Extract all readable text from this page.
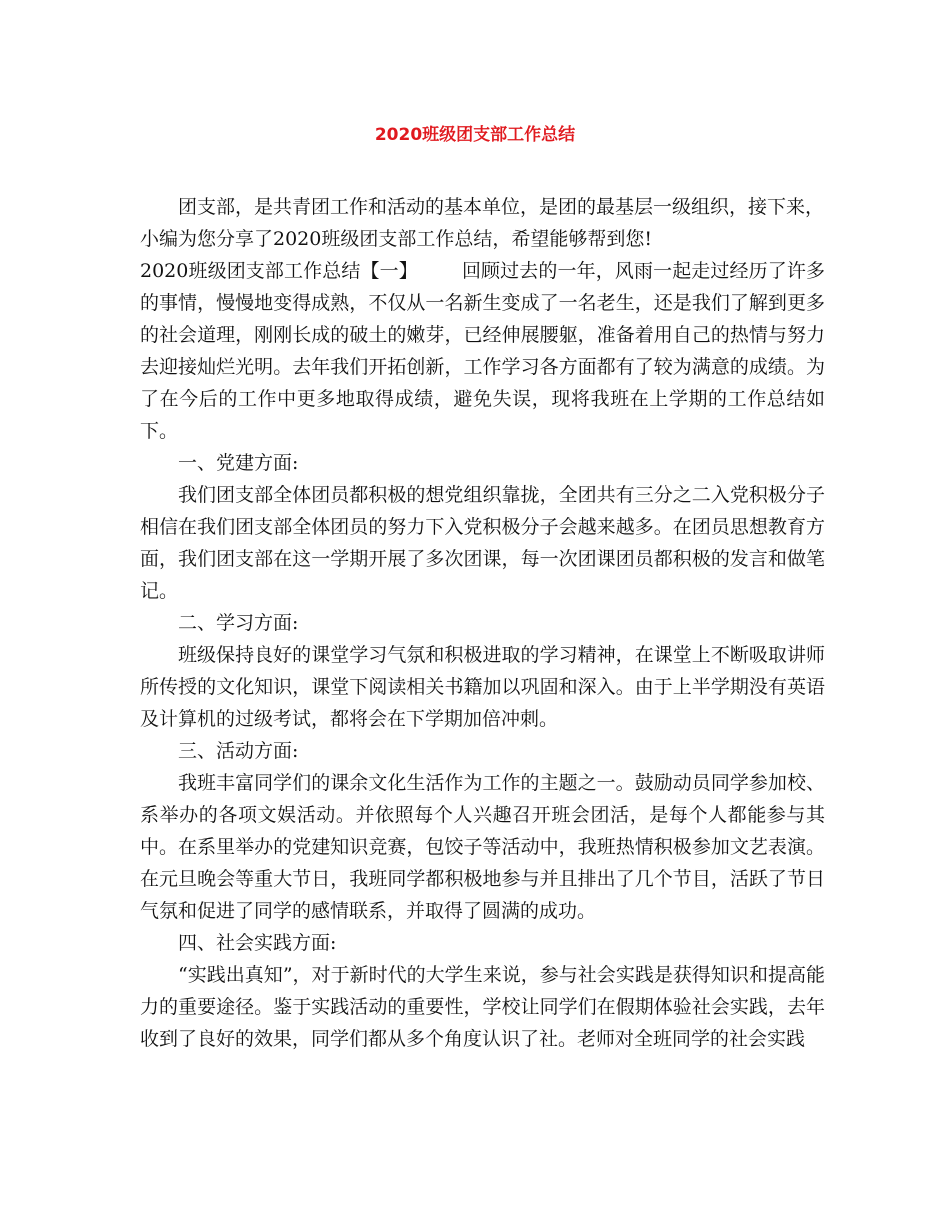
2020班级团支部工作总结

团支部，是共青团工作和活动的基本单位，是团的最基层一级组织，接下来，

小编为您分享了2020班级团支部工作总结，希望能够帮到您!

2020班级团支部工作总结【一】 回顾过去的一年，风雨一起走过经历了许多的事情，慢慢地变得成熟，不仅从一名新生变成了一名老生，还是我们了解到更多的社会道理，刚刚长成的破土的嫩芽，已经伸展腰躯，准备着用自己的热情与努力去迎接灿烂光明。去年我们开拓创新，工作学习各方面都有了较为满意的成绩。为了在今后的工作中更多地取得成绩，避免失误，现将我班在上学期的工作总结如下。

一、党建方面:

我们团支部全体团员都积极的想党组织靠拢，全团共有三分之二入党积极分子相信在我们团支部全体团员的努力下入党积极分子会越来越多。在团员思想教育方面，我们团支部在这一学期开展了多次团课，每一次团课团员都积极的发言和做笔记。

二、学习方面:

班级保持良好的课堂学习气氛和积极进取的学习精神，在课堂上不断吸取讲师所传授的文化知识，课堂下阅读相关书籍加以巩固和深入。由于上半学期没有英语及计算机的过级考试，都将会在下学期加倍冲刺。

三、活动方面:

我班丰富同学们的课余文化生活作为工作的主题之一。鼓励动员同学参加校、系举办的各项文娱活动。并依照每个人兴趣召开班会团活，是每个人都能参与其中。在系里举办的党建知识竞赛，包饺子等活动中，我班热情积极参加文艺表演。在元旦晚会等重大节日，我班同学都积极地参与并且排出了几个节目，活跃了节日气氛和促进了同学的感情联系，并取得了圆满的成功。

四、社会实践方面:

“实践出真知”，对于新时代的大学生来说，参与社会实践是获得知识和提高能力的重要途径。鉴于实践活动的重要性，学校让同学们在假期体验社会实践，去年收到了良好的效果，同学们都从多个角度认识了社。老师对全班同学的社会实践
